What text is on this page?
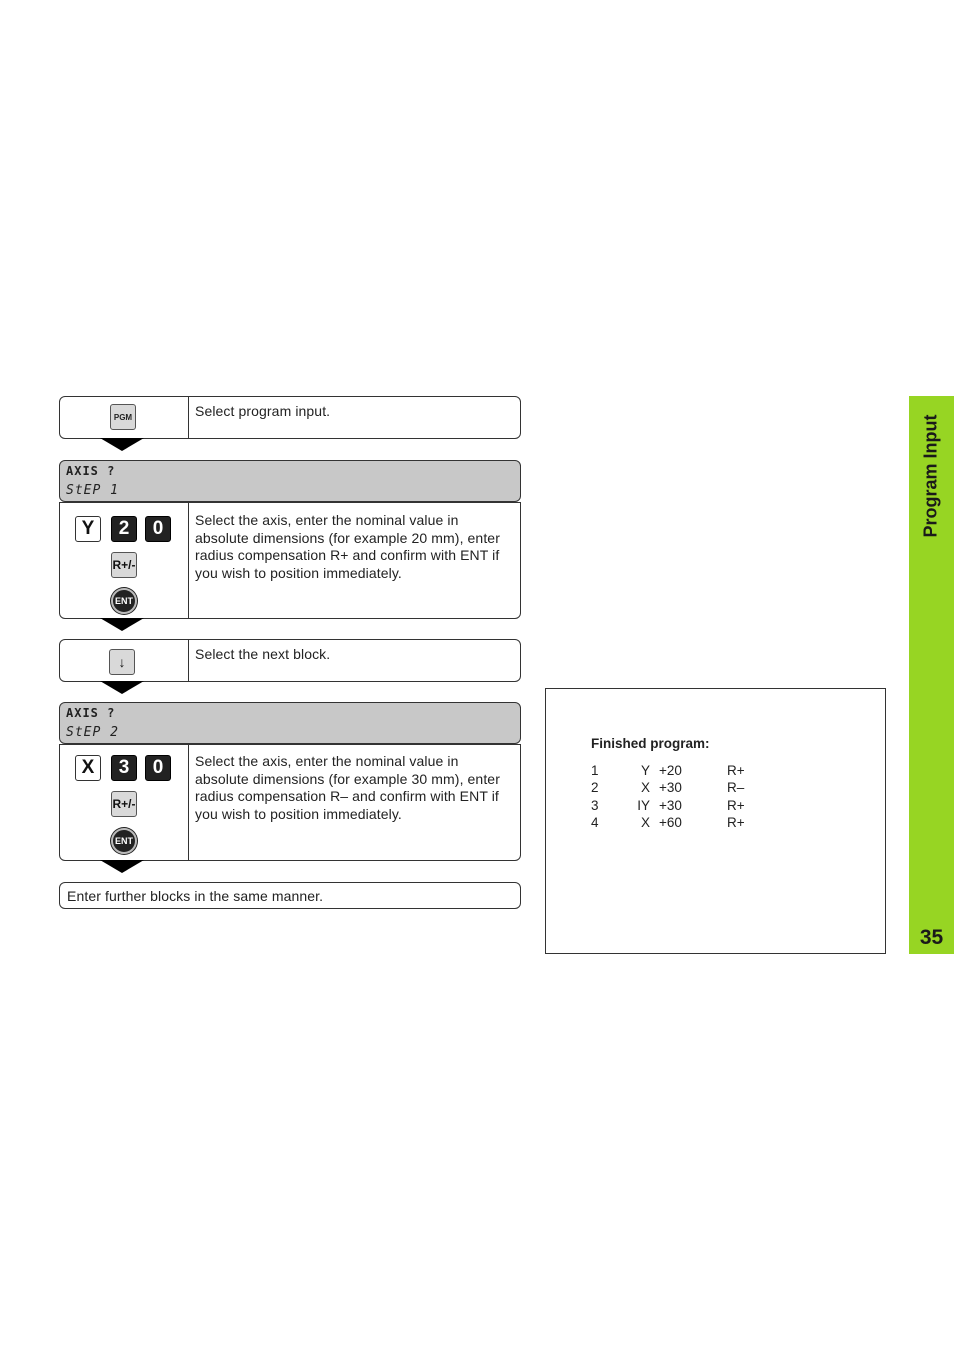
PGM	Select program input.
AXIS ?
StEP 1
Y	2	0
R+/-
ENT
Select the axis, enter the nominal value in absolute dimensions (for example 20 mm), enter radius compensation R+ and confirm with ENT if you wish to position immediately.
↓	Select the next block.
AXIS ?
StEP 2
X	3	0
R+/-
ENT
Select the axis, enter the nominal value in absolute dimensions (for example 30 mm), enter radius compensation R– and confirm with ENT if you wish to position immediately.
Enter further blocks in the same manner.
Finished program:
1	Y +20	R+
2	X +30	R–
3	IY +30	R+
4	X +60	R+
Program Input
35
